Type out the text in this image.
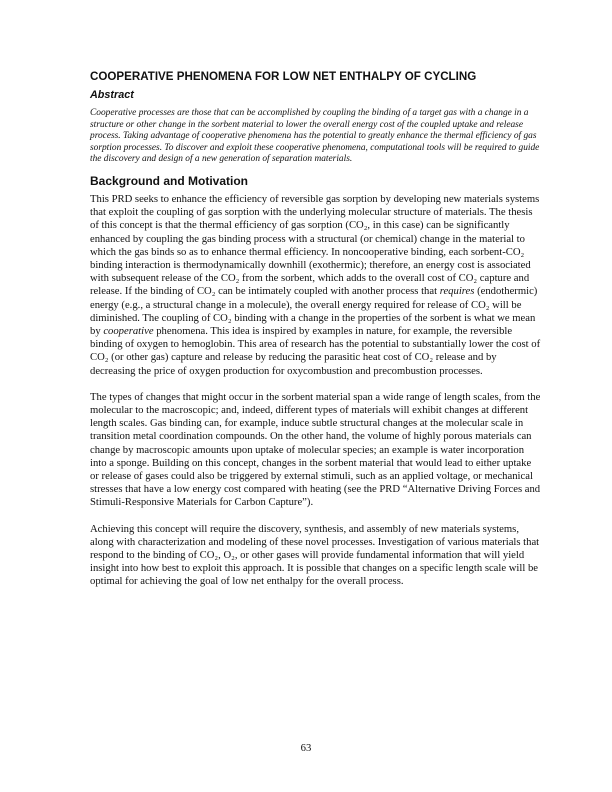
COOPERATIVE PHENOMENA FOR LOW NET ENTHALPY OF CYCLING
Abstract

Cooperative processes are those that can be accomplished by coupling the binding of a target gas with a change in a structure or other change in the sorbent material to lower the overall energy cost of the coupled uptake and release process. Taking advantage of cooperative phenomena has the potential to greatly enhance the thermal efficiency of gas sorption processes. To discover and exploit these cooperative phenomena, computational tools will be required to guide the discovery and design of a new generation of separation materials.

Background and Motivation

This PRD seeks to enhance the efficiency of reversible gas sorption by developing new materials systems that exploit the coupling of gas sorption with the underlying molecular structure of materials. The thesis of this concept is that the thermal efficiency of gas sorption (CO₂, in this case) can be significantly enhanced by coupling the gas binding process with a structural (or chemical) change in the material to which the gas binds so as to enhance thermal efficiency. In noncooperative binding, each sorbent-CO₂ binding interaction is thermodynamically downhill (exothermic); therefore, an energy cost is associated with subsequent release of the CO₂ from the sorbent, which adds to the overall cost of CO₂ capture and release. If the binding of CO₂ can be intimately coupled with another process that requires (endothermic) energy (e.g., a structural change in a molecule), the overall energy required for release of CO₂ will be diminished. The coupling of CO₂ binding with a change in the properties of the sorbent is what we mean by cooperative phenomena. This idea is inspired by examples in nature, for example, the reversible binding of oxygen to hemoglobin. This area of research has the potential to substantially lower the cost of CO₂ (or other gas) capture and release by reducing the parasitic heat cost of CO₂ release and by decreasing the price of oxygen production for oxycombustion and precombustion processes.

The types of changes that might occur in the sorbent material span a wide range of length scales, from the molecular to the macroscopic; and, indeed, different types of materials will exhibit changes at different length scales. Gas binding can, for example, induce subtle structural changes at the molecular scale in transition metal coordination compounds. On the other hand, the volume of highly porous materials can change by macroscopic amounts upon uptake of molecular species; an example is water incorporation into a sponge. Building on this concept, changes in the sorbent material that would lead to either uptake or release of gases could also be triggered by external stimuli, such as an applied voltage, or mechanical stresses that have a low energy cost compared with heating (see the PRD “Alternative Driving Forces and Stimuli-Responsive Materials for Carbon Capture”).

Achieving this concept will require the discovery, synthesis, and assembly of new materials systems, along with characterization and modeling of these novel processes. Investigation of various materials that respond to the binding of CO₂, O₂, or other gases will provide fundamental information that will yield insight into how best to exploit this approach. It is possible that changes on a specific length scale will be optimal for achieving the goal of low net enthalpy for the overall process.

63
